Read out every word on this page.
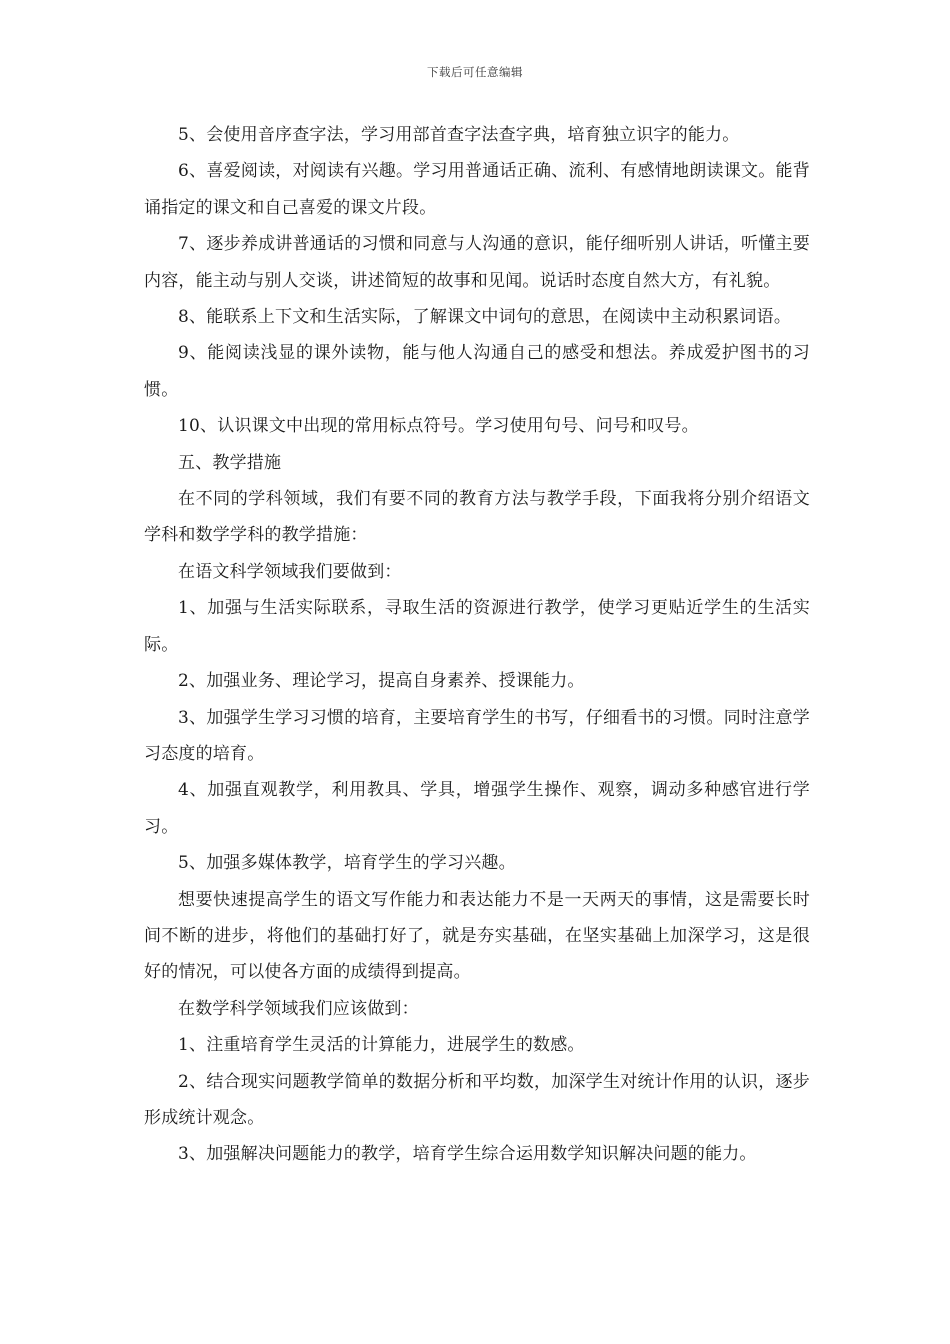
下载后可任意编辑

5、会使用音序查字法，学习用部首查字法查字典，培育独立识字的能力。

6、喜爱阅读，对阅读有兴趣。学习用普通话正确、流利、有感情地朗读课文。能背诵指定的课文和自己喜爱的课文片段。

7、逐步养成讲普通话的习惯和同意与人沟通的意识，能仔细听别人讲话，听懂主要内容，能主动与别人交谈，讲述简短的故事和见闻。说话时态度自然大方，有礼貌。

8、能联系上下文和生活实际，了解课文中词句的意思，在阅读中主动积累词语。

9、能阅读浅显的课外读物，能与他人沟通自己的感受和想法。养成爱护图书的习惯。

10、认识课文中出现的常用标点符号。学习使用句号、问号和叹号。

五、教学措施

在不同的学科领域，我们有要不同的教育方法与教学手段，下面我将分别介绍语文学科和数学学科的教学措施：

在语文科学领域我们要做到：

1、加强与生活实际联系，寻取生活的资源进行教学，使学习更贴近学生的生活实际。

2、加强业务、理论学习，提高自身素养、授课能力。

3、加强学生学习习惯的培育，主要培育学生的书写，仔细看书的习惯。同时注意学习态度的培育。

4、加强直观教学，利用教具、学具，增强学生操作、观察，调动多种感官进行学习。

5、加强多媒体教学，培育学生的学习兴趣。

想要快速提高学生的语文写作能力和表达能力不是一天两天的事情，这是需要长时间不断的进步，将他们的基础打好了，就是夯实基础，在坚实基础上加深学习，这是很好的情况，可以使各方面的成绩得到提高。

在数学科学领域我们应该做到：

1、注重培育学生灵活的计算能力，进展学生的数感。

2、结合现实问题教学简单的数据分析和平均数，加深学生对统计作用的认识，逐步形成统计观念。

3、加强解决问题能力的教学，培育学生综合运用数学知识解决问题的能力。
